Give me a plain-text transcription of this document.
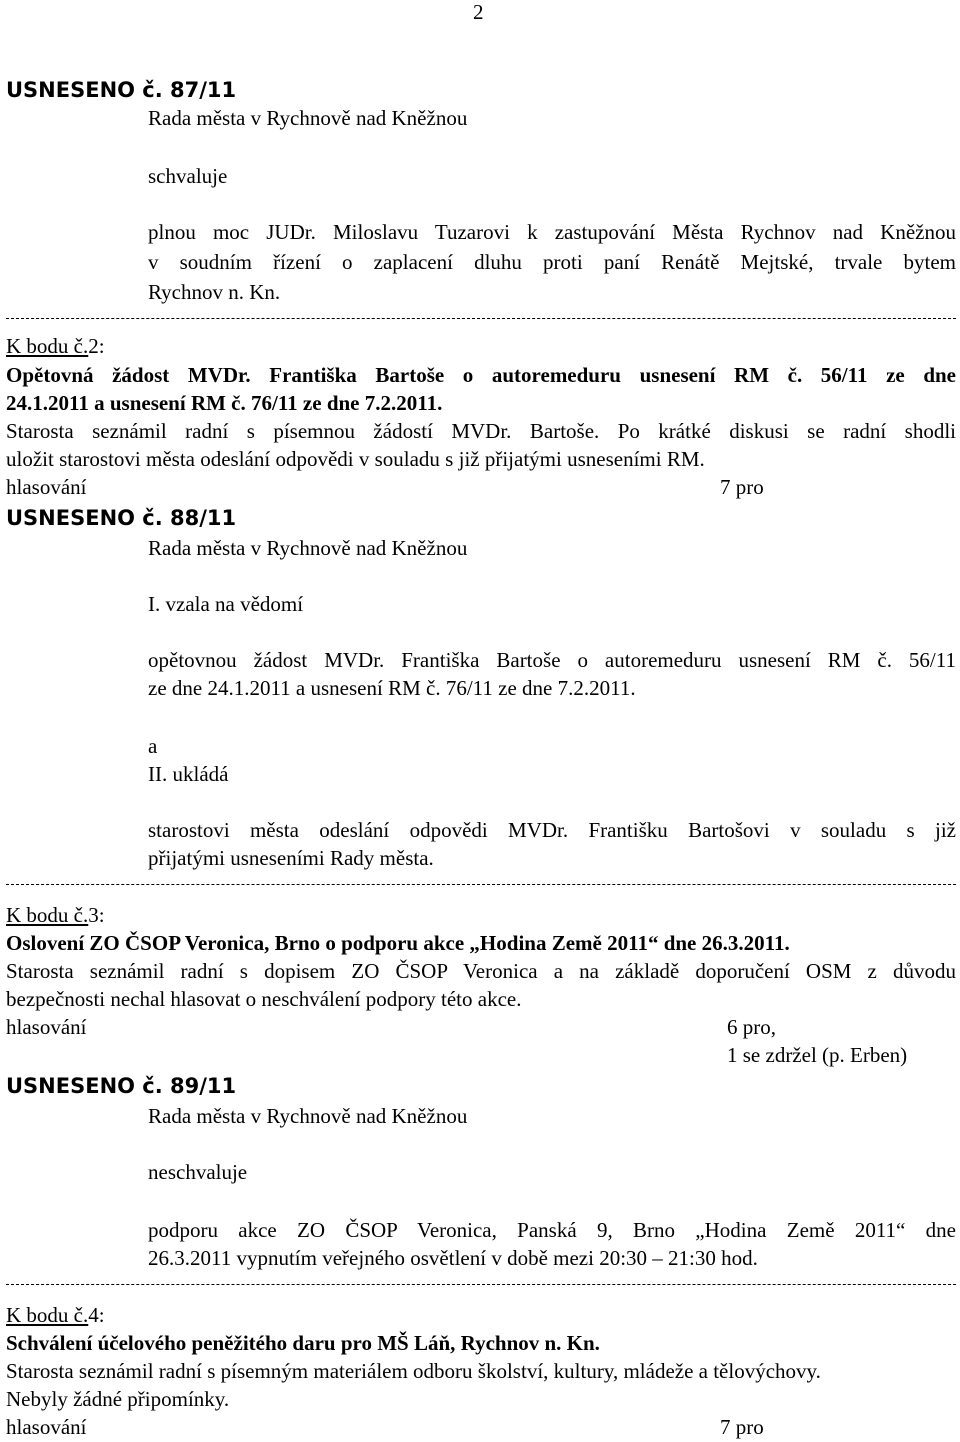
2
USNESENO č. 87/11
Rada města v Rychnově nad Kněžnou
schvaluje
plnou moc JUDr. Miloslavu Tuzarovi k zastupování Města Rychnov nad Kněžnou
v soudním řízení o zaplacení dluhu proti paní Renátě Mejtské, trvale bytem
Rychnov n. Kn.
K bodu č.2:
Opětovná žádost MVDr. Františka Bartoše o autoremeduru usnesení RM č. 56/11 ze dne
24.1.2011 a usnesení RM č. 76/11 ze dne 7.2.2011.
Starosta seznámil radní s písemnou žádostí MVDr. Bartoše. Po krátké diskusi se radní shodli
uložit starostovi města odeslání odpovědi v souladu s již přijatými usneseními RM.
hlasování	7 pro
USNESENO č. 88/11
Rada města v Rychnově nad Kněžnou
I. vzala na vědomí
opětovnou žádost MVDr. Františka Bartoše o autoremeduru usnesení RM č. 56/11
ze dne 24.1.2011 a usnesení RM č. 76/11 ze dne 7.2.2011.
a
II. ukládá
starostovi města odeslání odpovědi MVDr. Františku Bartošovi v souladu s již
přijatými usneseními Rady města.
K bodu č.3:
Oslovení ZO ČSOP Veronica, Brno o podporu akce „Hodina Země 2011“ dne 26.3.2011.
Starosta seznámil radní s dopisem ZO ČSOP Veronica a na základě doporučení OSM z důvodu
bezpečnosti nechal hlasovat o neschválení podpory této akce.
hlasování	6 pro,
1 se zdržel (p. Erben)
USNESENO č. 89/11
Rada města v Rychnově nad Kněžnou
neschvaluje
podporu akce ZO ČSOP Veronica, Panská 9, Brno „Hodina Země 2011“ dne
26.3.2011 vypnutím veřejného osvětlení v době mezi 20:30 – 21:30 hod.
K bodu č.4:
Schválení účelového peněžitého daru pro MŠ Láň, Rychnov n. Kn.
Starosta seznámil radní s písemným materiálem odboru školství, kultury, mládeže a tělovýchovy.
Nebyly žádné připomínky.
hlasování	7 pro
